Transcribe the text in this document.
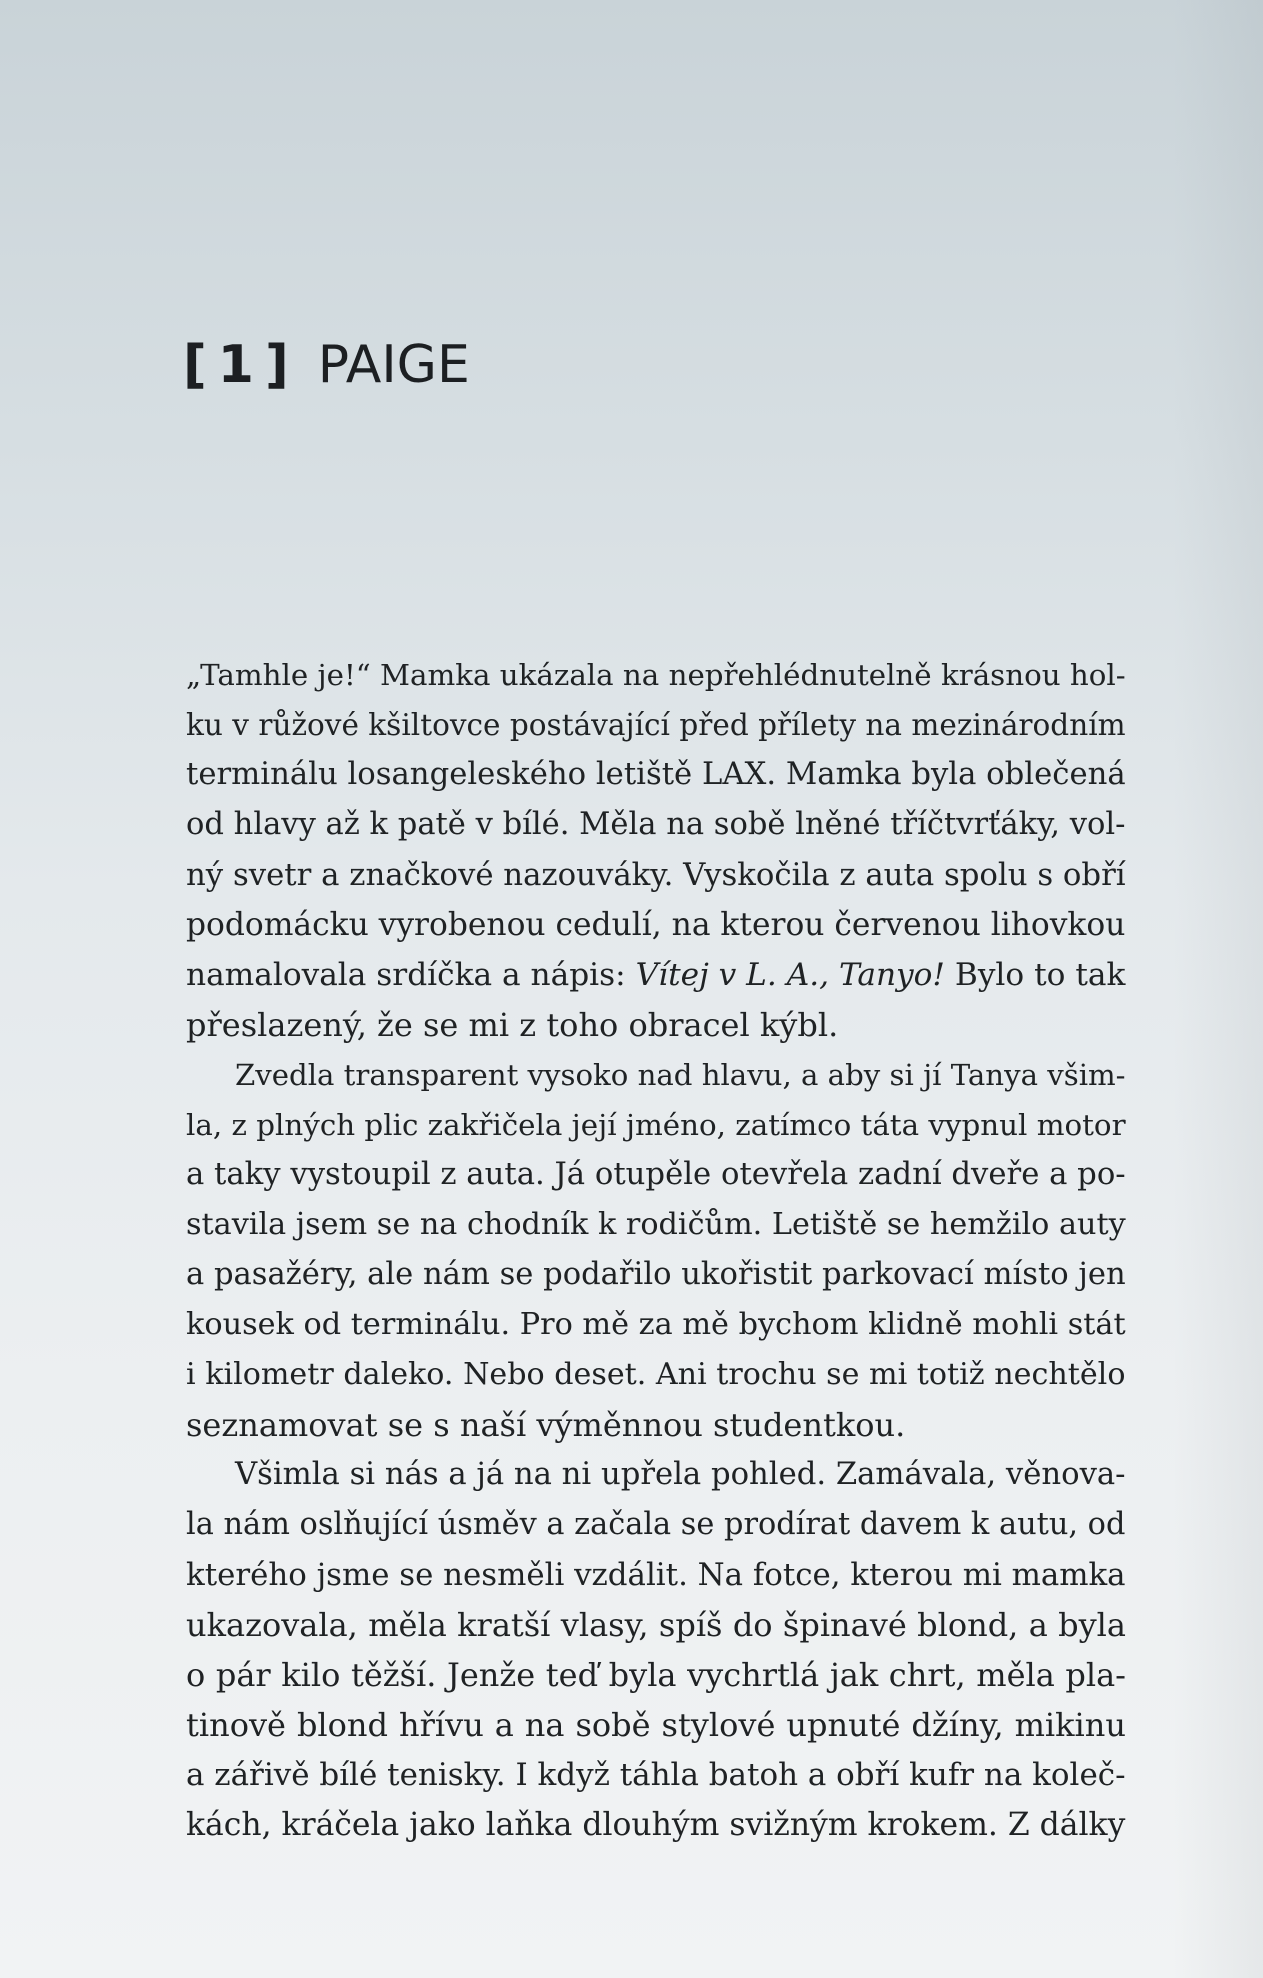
[ 1 ] PAIGE
„Tamhle je!“ Mamka ukázala na nepřehlédnutelně krásnou hol-
ku v růžové kšiltovce postávající před přílety na mezinárodním
terminálu losangeleského letiště LAX. Mamka byla oblečená
od hlavy až k patě v bílé. Měla na sobě lněné tříčtvrťáky, vol-
ný svetr a značkové nazouváky. Vyskočila z auta spolu s obří
podomácku vyrobenou cedulí, na kterou červenou lihovkou
namalovala srdíčka a nápis: Vítej v L. A., Tanyo! Bylo to tak
přeslazený, že se mi z toho obracel kýbl.
Zvedla transparent vysoko nad hlavu, a aby si jí Tanya všim-
la, z plných plic zakřičela její jméno, zatímco táta vypnul motor
a taky vystoupil z auta. Já otupěle otevřela zadní dveře a po-
stavila jsem se na chodník k rodičům. Letiště se hemžilo auty
a pasažéry, ale nám se podařilo ukořistit parkovací místo jen
kousek od terminálu. Pro mě za mě bychom klidně mohli stát
i kilometr daleko. Nebo deset. Ani trochu se mi totiž nechtělo
seznamovat se s naší výměnnou studentkou.
Všimla si nás a já na ni upřela pohled. Zamávala, věnova-
la nám oslňující úsměv a začala se prodírat davem k autu, od
kterého jsme se nesměli vzdálit. Na fotce, kterou mi mamka
ukazovala, měla kratší vlasy, spíš do špinavé blond, a byla
o pár kilo těžší. Jenže teď byla vychrtlá jak chrt, měla pla-
tinově blond hřívu a na sobě stylové upnuté džíny, mikinu
a zářivě bílé tenisky. I když táhla batoh a obří kufr na koleč-
kách, kráčela jako laňka dlouhým svižným krokem. Z dálky
